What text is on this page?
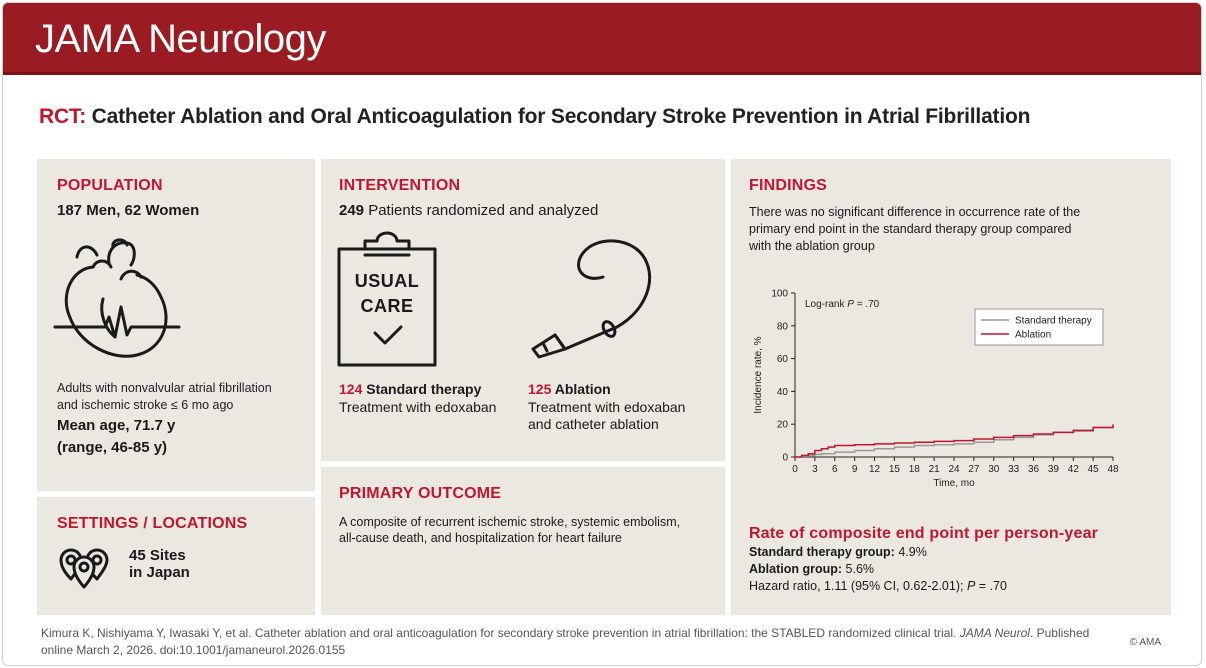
JAMA Neurology
RCT: Catheter Ablation and Oral Anticoagulation for Secondary Stroke Prevention in Atrial Fibrillation
POPULATION
187 Men, 62 Women
Adults with nonvalvular atrial fibrillation
and ischemic stroke ≤ 6 mo ago
Mean age, 71.7 y
(range, 46-85 y)
SETTINGS / LOCATIONS
45 Sites
in Japan
INTERVENTION
249 Patients randomized and analyzed
USUAL
CARE
124 Standard therapy
Treatment with edoxaban
125 Ablation
Treatment with edoxaban
and catheter ablation
PRIMARY OUTCOME
A composite of recurrent ischemic stroke, systemic embolism,
all-cause death, and hospitalization for heart failure
FINDINGS
There was no significant difference in occurrence rate of the
primary end point in the standard therapy group compared
with the ablation group
Rate of composite end point per person-year
Standard therapy group: 4.9%
Ablation group: 5.6%
Hazard ratio, 1.11 (95% CI, 0.62-2.01); P = .70
0
20
40
60
80
100
0 3 6 9 12 15 18 21 24 27 30 33 36 39 42 45 48
Time, mo
Incidence rate, %
Log-rank P = .70
Standard therapy
Ablation
Kimura K, Nishiyama Y, Iwasaki Y, et al. Catheter ablation and oral anticoagulation for secondary stroke prevention in atrial fibrillation: the STABLED randomized clinical trial. JAMA Neurol. Published
online March 2, 2026. doi:10.1001/jamaneurol.2026.0155
© AMA
